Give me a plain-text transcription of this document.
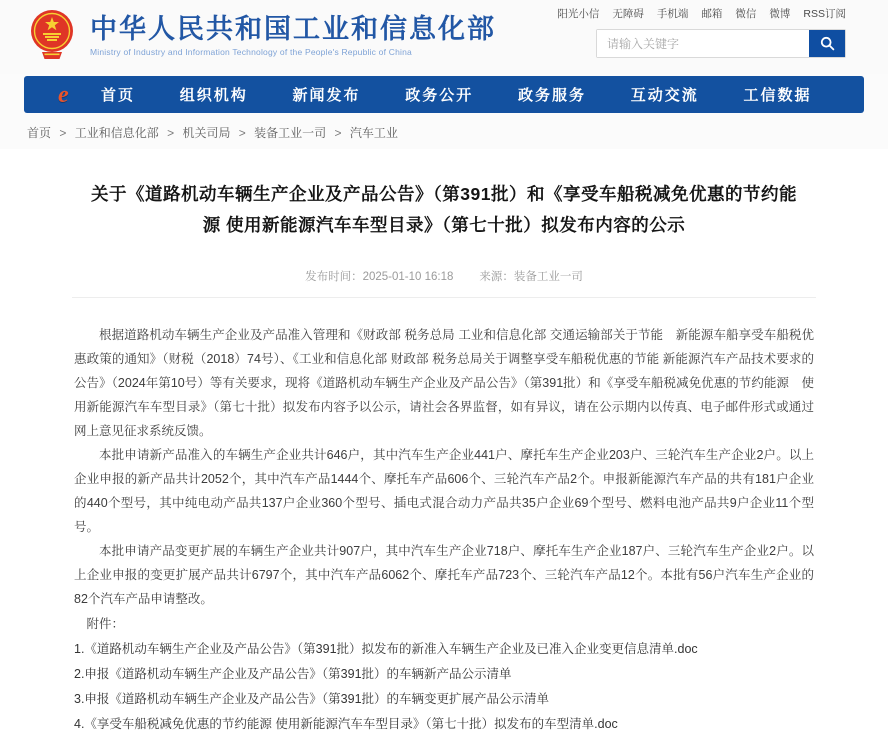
中华人民共和国工业和信息化部
Ministry of Industry and Information Technology of the People's Republic of China
阳光小信 无障碍 手机端 邮箱 微信 微博 RSS订阅
请输入关键字
e 首页	组织机构	新闻发布	政务公开	政务服务	互动交流	工信数据
首页 > 工业和信息化部 > 机关司局 > 装备工业一司 > 汽车工业
关于《道路机动车辆生产企业及产品公告》（第391批）和《享受车船税减免优惠的节约能源 使用新能源汽车车型目录》（第七十批）拟发布内容的公示
发布时间：2025-01-10 16:18 来源：装备工业一司

根据道路机动车辆生产企业及产品准入管理和《财政部 税务总局 工业和信息化部 交通运输部关于节能　新能源车船享受车船税优惠政策的通知》（财税（2018）74号）、《工业和信息化部 财政部 税务总局关于调整享受车船税优惠的节能 新能源汽车产品技术要求的公告》（2024年第10号）等有关要求，现将《道路机动车辆生产企业及产品公告》（第391批）和《享受车船税减免优惠的节约能源　使用新能源汽车车型目录》（第七十批）拟发布内容予以公示，请社会各界监督，如有异议，请在公示期内以传真、电子邮件形式或通过网上意见征求系统反馈。

本批申请新产品准入的车辆生产企业共计646户，其中汽车生产企业441户、摩托车生产企业203户、三轮汽车生产企业2户。以上企业申报的新产品共计2052个，其中汽车产品1444个、摩托车产品606个、三轮汽车产品2个。申报新能源汽车产品的共有181户企业的440个型号，其中纯电动产品共137户企业360个型号、插电式混合动力产品共35户企业69个型号、燃料电池产品共9户企业11个型号。

本批申请产品变更扩展的车辆生产企业共计907户，其中汽车生产企业718户、摩托车生产企业187户、三轮汽车生产企业2户。以上企业申报的变更扩展产品共计6797个，其中汽车产品6062个、摩托车产品723个、三轮汽车产品12个。本批有56户汽车生产企业的82个汽车产品申请整改。

附件：

1.《道路机动车辆生产企业及产品公告》（第391批）拟发布的新准入车辆生产企业及已准入企业变更信息清单.doc
2.申报《道路机动车辆生产企业及产品公告》（第391批）的车辆新产品公示清单
3.申报《道路机动车辆生产企业及产品公告》（第391批）的车辆变更扩展产品公示清单
4.《享受车船税减免优惠的节约能源 使用新能源汽车车型目录》（第七十批）拟发布的车型清单.doc
